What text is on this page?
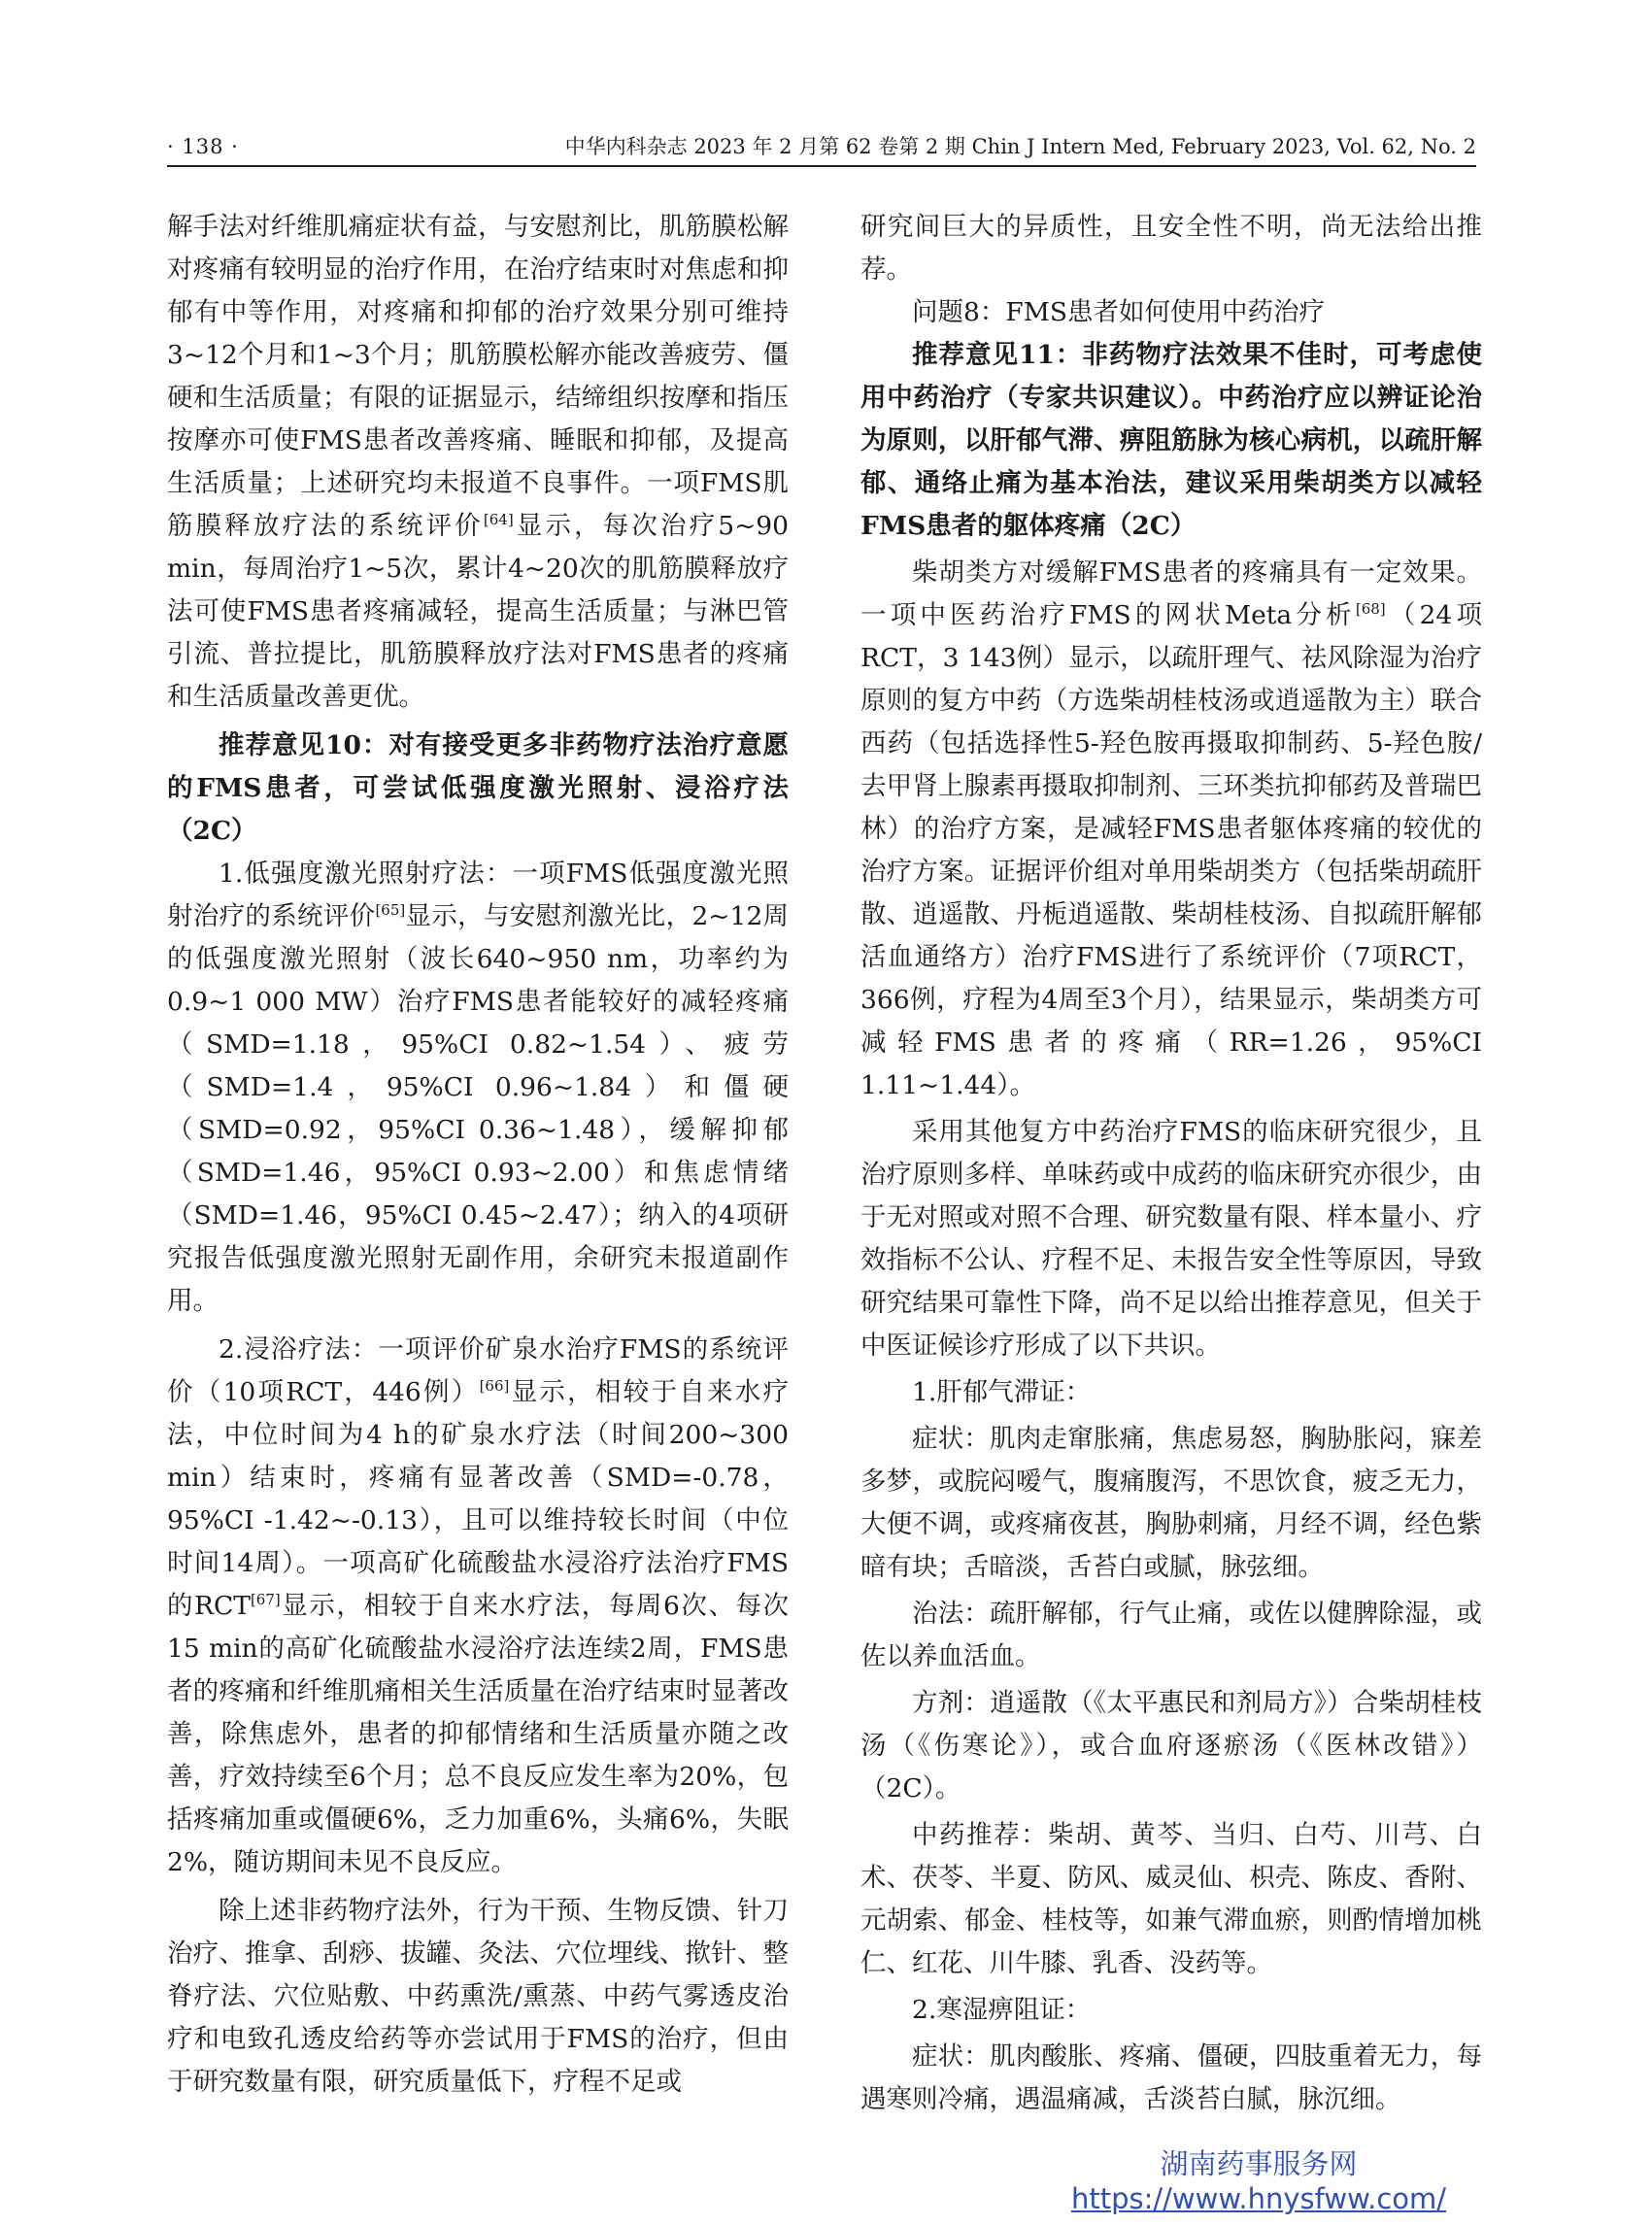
· 138 ·	中华内科杂志 2023 年 2 月第 62 卷第 2 期 Chin J Intern Med, February 2023, Vol. 62, No. 2

解手法对纤维肌痛症状有益，与安慰剂比，肌筋膜松解对疼痛有较明显的治疗作用，在治疗结束时对焦虑和抑郁有中等作用，对疼痛和抑郁的治疗效果分别可维持3~12个月和1~3个月；肌筋膜松解亦能改善疲劳、僵硬和生活质量；有限的证据显示，结缔组织按摩和指压按摩亦可使FMS患者改善疼痛、睡眠和抑郁，及提高生活质量；上述研究均未报道不良事件。一项FMS肌筋膜释放疗法的系统评价[64]显示，每次治疗5~90 min，每周治疗1~5次，累计4~20次的肌筋膜释放疗法可使FMS患者疼痛减轻，提高生活质量；与淋巴管引流、普拉提比，肌筋膜释放疗法对FMS患者的疼痛和生活质量改善更优。

推荐意见10：对有接受更多非药物疗法治疗意愿的FMS患者，可尝试低强度激光照射、浸浴疗法（2C）

1.低强度激光照射疗法：一项FMS低强度激光照射治疗的系统评价[65]显示，与安慰剂激光比，2~12周的低强度激光照射（波长640~950 nm，功率约为0.9~1 000 MW）治疗FMS患者能较好的减轻疼痛（SMD=1.18，95%CI 0.82~1.54）、疲劳（SMD=1.4，95%CI 0.96~1.84）和僵硬（SMD=0.92，95%CI 0.36~1.48），缓解抑郁（SMD=1.46，95%CI 0.93~2.00）和焦虑情绪（SMD=1.46，95%CI 0.45~2.47）；纳入的4项研究报告低强度激光照射无副作用，余研究未报道副作用。

2.浸浴疗法：一项评价矿泉水治疗FMS的系统评价（10项RCT，446例）[66]显示，相较于自来水疗法，中位时间为4 h的矿泉水疗法（时间200~300 min）结束时，疼痛有显著改善（SMD=-0.78，95%CI -1.42~-0.13），且可以维持较长时间（中位时间14周）。一项高矿化硫酸盐水浸浴疗法治疗FMS的RCT[67]显示，相较于自来水疗法，每周6次、每次15 min的高矿化硫酸盐水浸浴疗法连续2周，FMS患者的疼痛和纤维肌痛相关生活质量在治疗结束时显著改善，除焦虑外，患者的抑郁情绪和生活质量亦随之改善，疗效持续至6个月；总不良反应发生率为20%，包括疼痛加重或僵硬6%，乏力加重6%，头痛6%，失眠2%，随访期间未见不良反应。

除上述非药物疗法外，行为干预、生物反馈、针刀治疗、推拿、刮痧、拔罐、灸法、穴位埋线、揿针、整脊疗法、穴位贴敷、中药熏洗/熏蒸、中药气雾透皮治疗和电致孔透皮给药等亦尝试用于FMS的治疗，但由于研究数量有限，研究质量低下，疗程不足或

研究间巨大的异质性，且安全性不明，尚无法给出推荐。

问题8：FMS患者如何使用中药治疗

推荐意见11：非药物疗法效果不佳时，可考虑使用中药治疗（专家共识建议）。中药治疗应以辨证论治为原则，以肝郁气滞、痹阻筋脉为核心病机，以疏肝解郁、通络止痛为基本治法，建议采用柴胡类方以减轻FMS患者的躯体疼痛（2C）

柴胡类方对缓解FMS患者的疼痛具有一定效果。一项中医药治疗FMS的网状Meta分析[68]（24项RCT，3 143例）显示，以疏肝理气、祛风除湿为治疗原则的复方中药（方选柴胡桂枝汤或逍遥散为主）联合西药（包括选择性5-羟色胺再摄取抑制药、5-羟色胺/去甲肾上腺素再摄取抑制剂、三环类抗抑郁药及普瑞巴林）的治疗方案，是减轻FMS患者躯体疼痛的较优的治疗方案。证据评价组对单用柴胡类方（包括柴胡疏肝散、逍遥散、丹栀逍遥散、柴胡桂枝汤、自拟疏肝解郁活血通络方）治疗FMS进行了系统评价（7项RCT，366例，疗程为4周至3个月），结果显示，柴胡类方可减轻FMS患者的疼痛（RR=1.26，95%CI 1.11~1.44）。

采用其他复方中药治疗FMS的临床研究很少，且治疗原则多样、单味药或中成药的临床研究亦很少，由于无对照或对照不合理、研究数量有限、样本量小、疗效指标不公认、疗程不足、未报告安全性等原因，导致研究结果可靠性下降，尚不足以给出推荐意见，但关于中医证候诊疗形成了以下共识。

1.肝郁气滞证：

症状：肌肉走窜胀痛，焦虑易怒，胸胁胀闷，寐差多梦，或脘闷嗳气，腹痛腹泻，不思饮食，疲乏无力，大便不调，或疼痛夜甚，胸胁刺痛，月经不调，经色紫暗有块；舌暗淡，舌苔白或腻，脉弦细。

治法：疏肝解郁，行气止痛，或佐以健脾除湿，或佐以养血活血。

方剂：逍遥散（《太平惠民和剂局方》）合柴胡桂枝汤（《伤寒论》），或合血府逐瘀汤（《医林改错》）（2C）。

中药推荐：柴胡、黄芩、当归、白芍、川芎、白术、茯苓、半夏、防风、威灵仙、枳壳、陈皮、香附、元胡索、郁金、桂枝等，如兼气滞血瘀，则酌情增加桃仁、红花、川牛膝、乳香、没药等。

2.寒湿痹阻证：

症状：肌肉酸胀、疼痛、僵硬，四肢重着无力，每遇寒则冷痛，遇温痛减，舌淡苔白腻，脉沉细。

湖南药事服务网
https://www.hnysfww.com/
